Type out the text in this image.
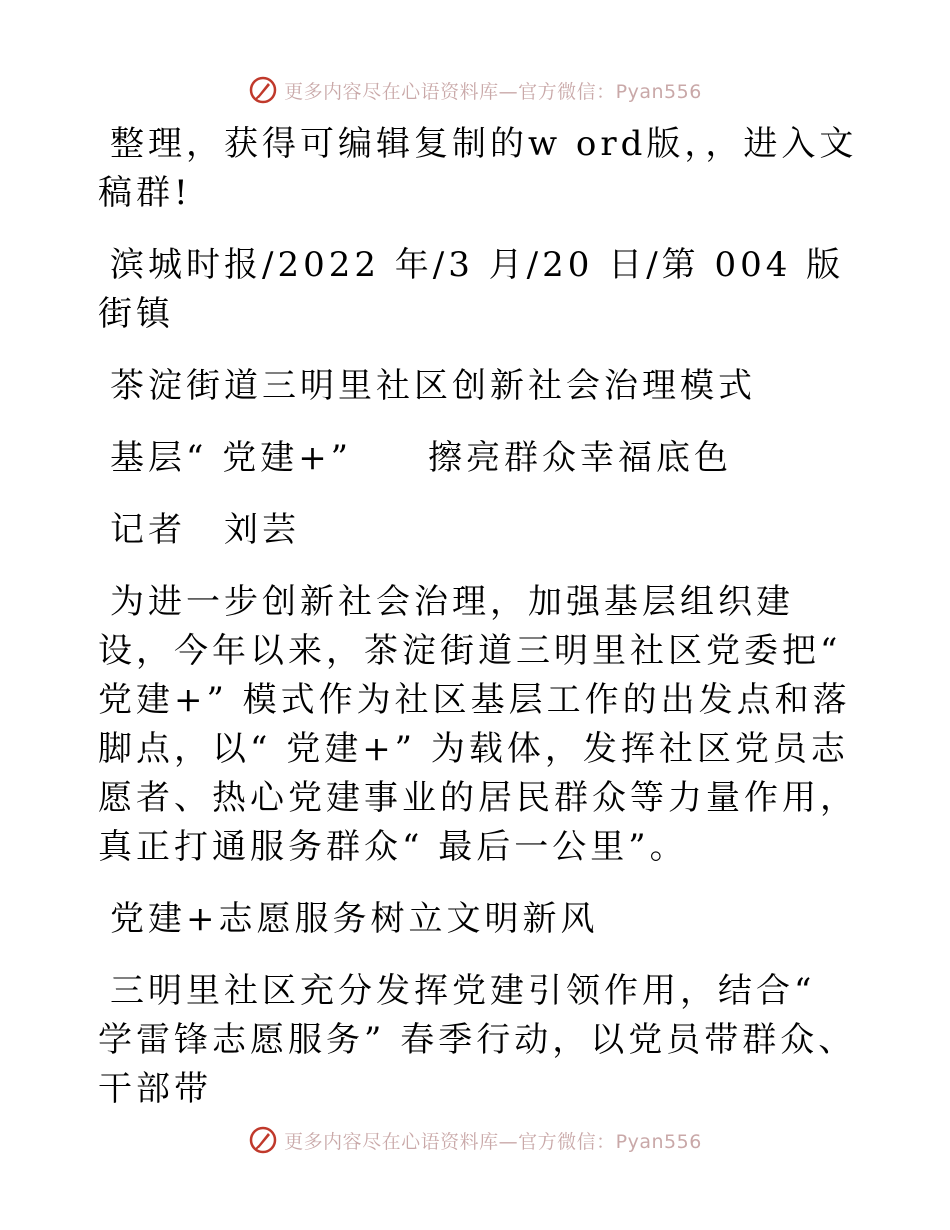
更多内容尽在心语资料库—官方微信：Pyan556

整理，获得可编辑复制的w ord版，，进入文稿群!

滨城时报/2022 年/3 月/20 日/第 004 版街镇

茶淀街道三明里社区创新社会治理模式

基层“ 党建+”　　擦亮群众幸福底色

记者　刘芸

为进一步创新社会治理，加强基层组织建设，今年以来，茶淀街道三明里社区党委把“ 党建+” 模式作为社区基层工作的出发点和落脚点，以“ 党建+” 为载体，发挥社区党员志愿者、热心党建事业的居民群众等力量作用，真正打通服务群众“ 最后一公里”。

党建+志愿服务树立文明新风

三明里社区充分发挥党建引领作用，结合“ 学雷锋志愿服务” 春季行动，以党员带群众、干部带

更多内容尽在心语资料库—官方微信：Pyan556
